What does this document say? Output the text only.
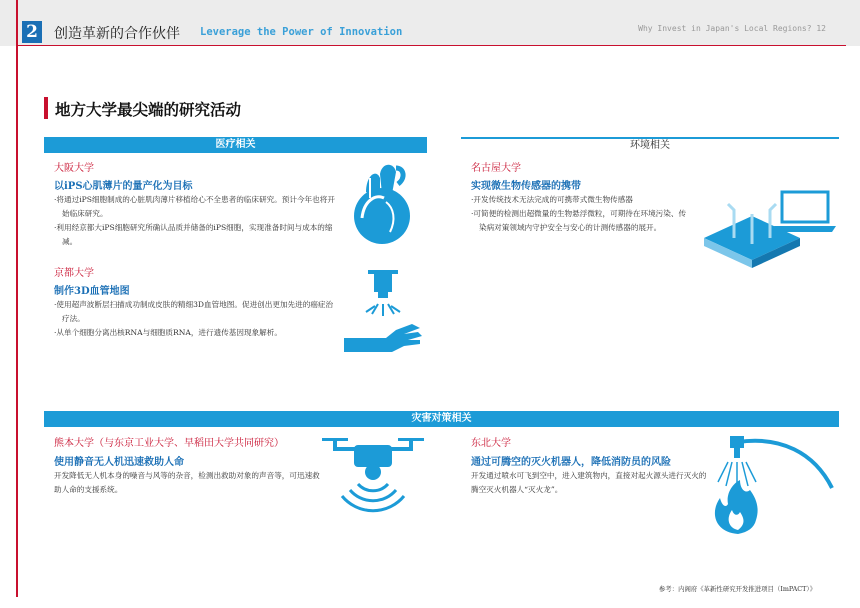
2 创造革新的合作伙伴 Leverage the Power of Innovation	Why Invest in Japan's Local Regions? 12
地方大学最尖端的研究活动
医疗相关	环境相关
大阪大学
以iPS心肌薄片的量产化为目标
·将通过iPS细胞制成的心脏肌肉薄片移植给心不全患者的临床研究。预计今年也将开始临床研究。
·利用经京都大iPS细胞研究所确认品质并储备的iPS细胞，实现准备时间与成本的缩减。
京都大学
制作3D血管地图
·使用超声波断层扫描成功制成皮肤的精细3D血管地图。促进创出更加先进的癌症治疗法。
·从单个细胞分离出核RNA与细胞质RNA，进行遗传基因现象解析。
名古屋大学
实现微生物传感器的携带
·开发传统技术无法完成的可携带式微生物传感器
·可简便的检测出超微量的生物悬浮微粒，可期待在环境污染、传染病对策领域内守护安全与安心的计测传感器的展开。
灾害对策相关
熊本大学（与东京工业大学、早稻田大学共同研究）
使用静音无人机迅速救助人命
开发降低无人机本身的噪音与风等的杂音，检测出救助对象的声音等，可迅速救助人命的支援系统。
东北大学
通过可腾空的灭火机器人，降低消防员的风险
开发通过喷水可飞到空中，进入建筑物内，直接对起火源头进行灭火的腾空灭火机器人“灭火龙”。
参考：内阁府《革新性研究开发推进项目（ImPACT）》
